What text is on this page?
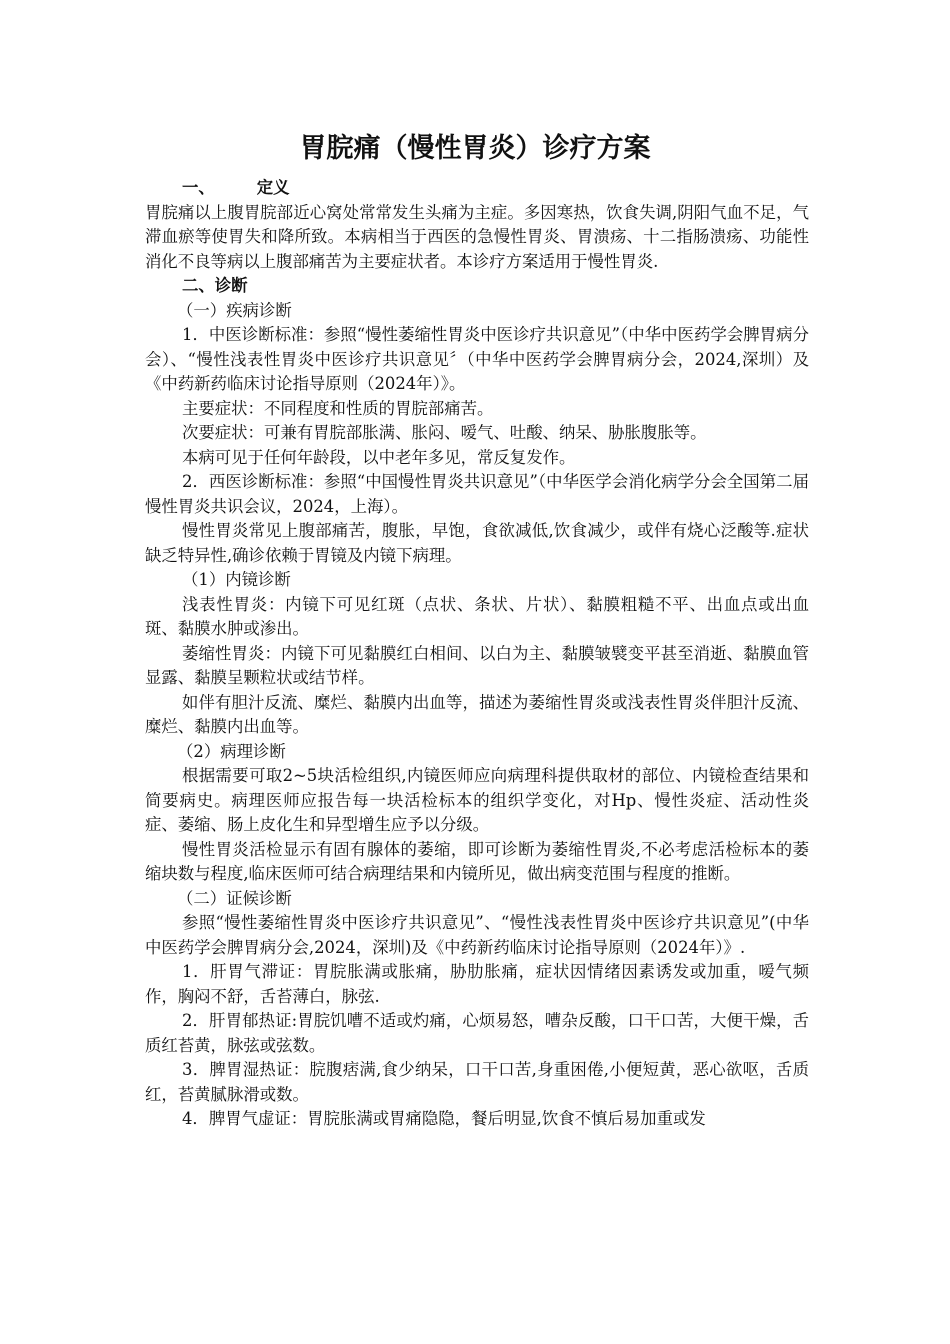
胃脘痛（慢性胃炎）诊疗方案

一、	定义

胃脘痛以上腹胃脘部近心窝处常常发生头痛为主症。多因寒热，饮食失调,阴阳气血不足，气滞血瘀等使胃失和降所致。本病相当于西医的急慢性胃炎、胃溃疡、十二指肠溃疡、功能性消化不良等病以上腹部痛苦为主要症状者。本诊疗方案适用于慢性胃炎.

二、诊断

（一）疾病诊断

1．中医诊断标准：参照“慢性萎缩性胃炎中医诊疗共识意见”（中华中医药学会脾胃病分会）、“慢性浅表性胃炎中医诊疗共识意见〞（中华中医药学会脾胃病分会，2024,深圳）及《中药新药临床讨论指导原则（2024年）》。

主要症状：不同程度和性质的胃脘部痛苦。

次要症状：可兼有胃脘部胀满、胀闷、嗳气、吐酸、纳呆、胁胀腹胀等。

本病可见于任何年龄段，以中老年多见，常反复发作。

2．西医诊断标准：参照“中国慢性胃炎共识意见”（中华医学会消化病学分会全国第二届慢性胃炎共识会议，2024，上海）。

慢性胃炎常见上腹部痛苦，腹胀，早饱，食欲减低,饮食减少，或伴有烧心泛酸等.症状缺乏特异性,确诊依赖于胃镜及内镜下病理。

（1）内镜诊断

浅表性胃炎：内镜下可见红斑（点状、条状、片状）、黏膜粗糙不平、出血点或出血斑、黏膜水肿或渗出。

萎缩性胃炎：内镜下可见黏膜红白相间、以白为主、黏膜皱襞变平甚至消逝、黏膜血管显露、黏膜呈颗粒状或结节样。

如伴有胆汁反流、糜烂、黏膜内出血等，描述为萎缩性胃炎或浅表性胃炎伴胆汁反流、糜烂、黏膜内出血等。

（2）病理诊断

根据需要可取2~5块活检组织,内镜医师应向病理科提供取材的部位、内镜检查结果和简要病史。病理医师应报告每一块活检标本的组织学变化，对Hp、慢性炎症、活动性炎症、萎缩、肠上皮化生和异型增生应予以分级。

慢性胃炎活检显示有固有腺体的萎缩，即可诊断为萎缩性胃炎,不必考虑活检标本的萎缩块数与程度,临床医师可结合病理结果和内镜所见，做出病变范围与程度的推断。

（二）证候诊断

参照“慢性萎缩性胃炎中医诊疗共识意见”、“慢性浅表性胃炎中医诊疗共识意见”(中华中医药学会脾胃病分会,2024，深圳)及《中药新药临床讨论指导原则（2024年）》.

1．肝胃气滞证：胃脘胀满或胀痛，胁肋胀痛，症状因情绪因素诱发或加重，嗳气频作，胸闷不舒，舌苔薄白，脉弦.

2．肝胃郁热证:胃脘饥嘈不适或灼痛，心烦易怒，嘈杂反酸，口干口苦，大便干燥，舌质红苔黄，脉弦或弦数。

3．脾胃湿热证：脘腹痞满,食少纳呆，口干口苦,身重困倦,小便短黄，恶心欲呕，舌质红，苔黄腻脉滑或数。

4．脾胃气虚证：胃脘胀满或胃痛隐隐，餐后明显,饮食不慎后易加重或发
